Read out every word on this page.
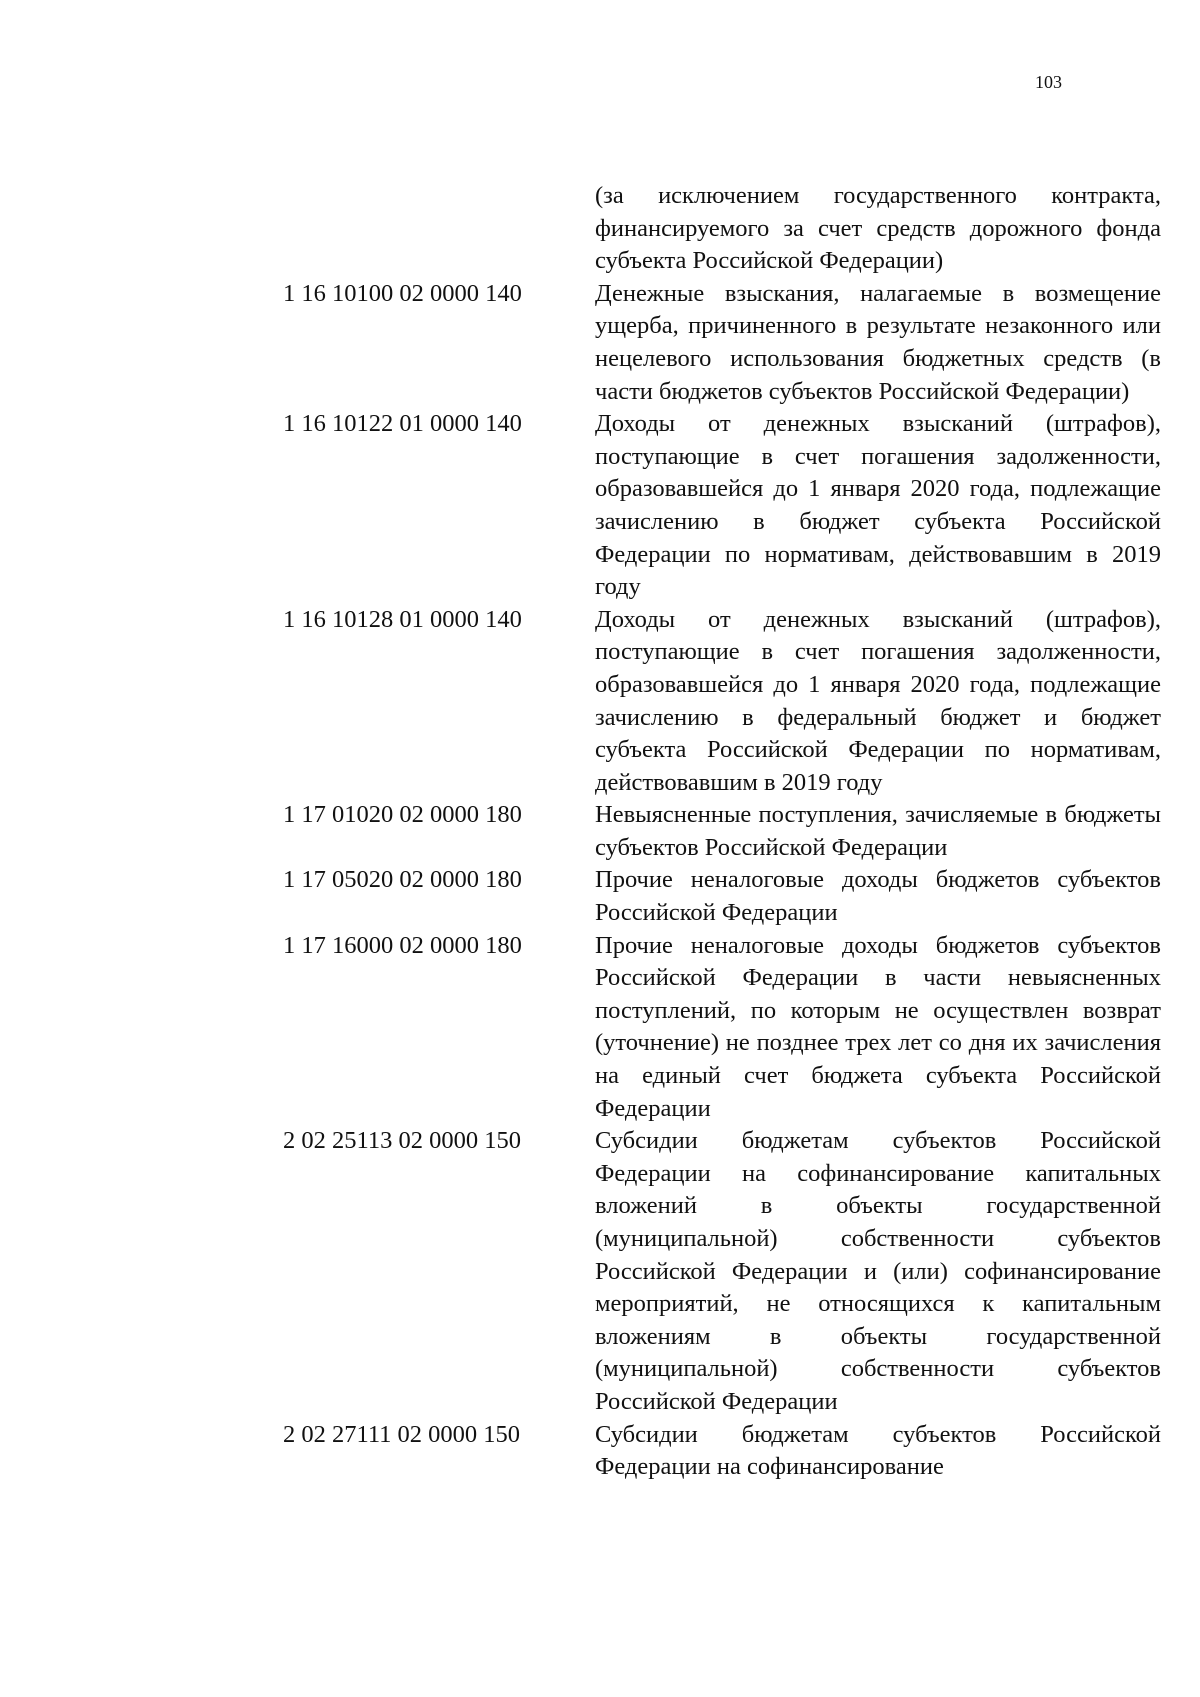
103
(за исключением государственного контракта, финансируемого за счет средств дорожного фонда субъекта Российской Федерации)
1 16 10100 02 0000 140	Денежные взыскания, налагаемые в возмещение ущерба, причиненного в результате незаконного или нецелевого использования бюджетных средств (в части бюджетов субъектов Российской Федерации)
1 16 10122 01 0000 140	Доходы от денежных взысканий (штрафов), поступающие в счет погашения задолженности, образовавшейся до 1 января 2020 года, подлежащие зачислению в бюджет субъекта Российской Федерации по нормативам, действовавшим в 2019 году
1 16 10128 01 0000 140	Доходы от денежных взысканий (штрафов), поступающие в счет погашения задолженности, образовавшейся до 1 января 2020 года, подлежащие зачислению в федеральный бюджет и бюджет субъекта Российской Федерации по нормативам, действовавшим в 2019 году
1 17 01020 02 0000 180	Невыясненные поступления, зачисляемые в бюджеты субъектов Российской Федерации
1 17 05020 02 0000 180	Прочие неналоговые доходы бюджетов субъектов Российской Федерации
1 17 16000 02 0000 180	Прочие неналоговые доходы бюджетов субъектов Российской Федерации в части невыясненных поступлений, по которым не осуществлен возврат (уточнение) не позднее трех лет со дня их зачисления на единый счет бюджета субъекта Российской Федерации
2 02 25113 02 0000 150	Субсидии бюджетам субъектов Российской Федерации на софинансирование капитальных вложений в объекты государственной (муниципальной) собственности субъектов Российской Федерации и (или) софинансирование мероприятий, не относящихся к капитальным вложениям в объекты государственной (муниципальной) собственности субъектов Российской Федерации
2 02 27111 02 0000 150	Субсидии бюджетам субъектов Российской Федерации на софинансирование
